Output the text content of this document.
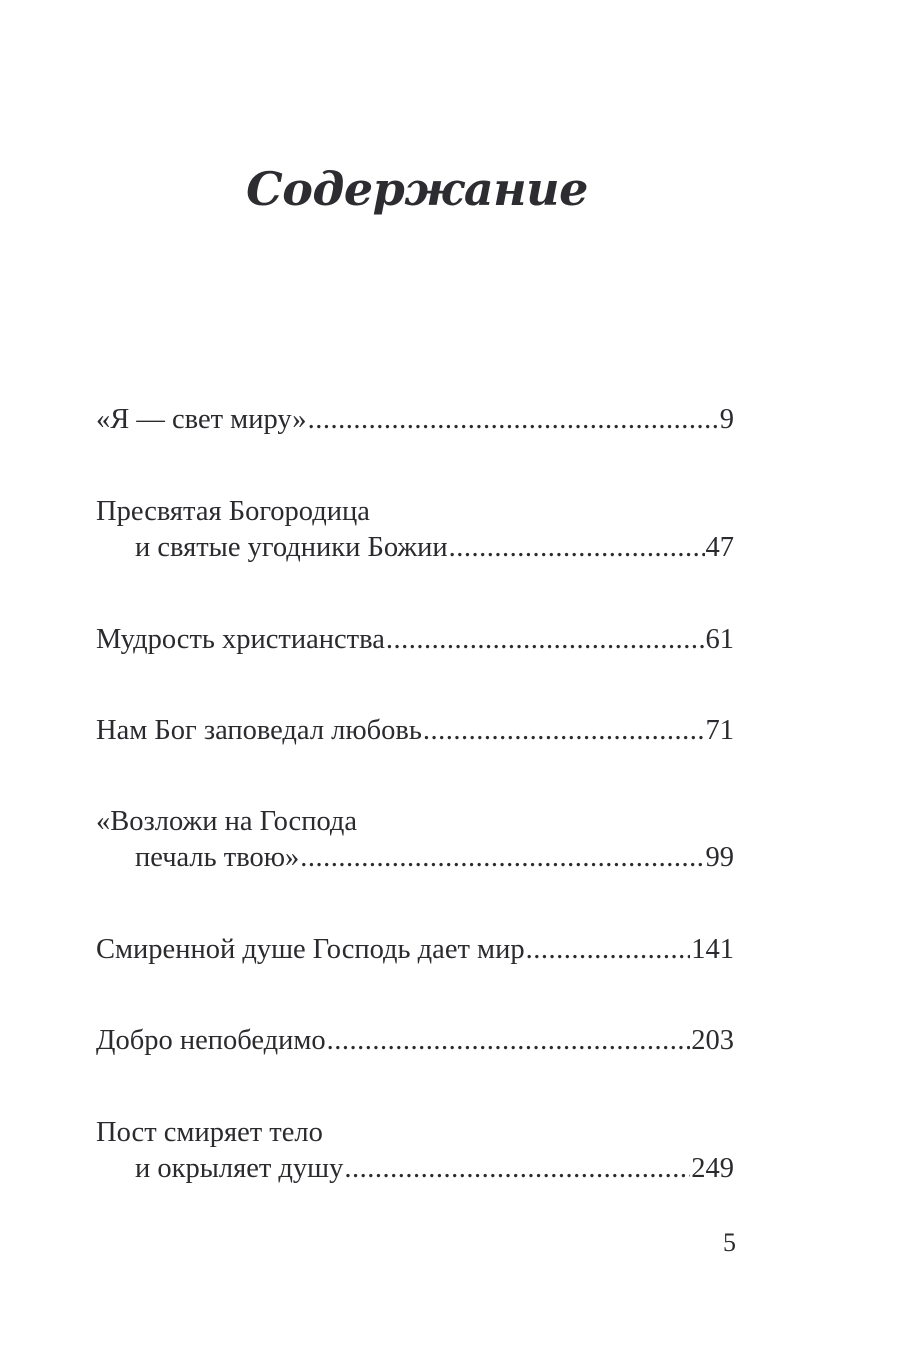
Содержание
«Я — свет миру» .....	9
Пресвятая Богородица
и святые угодники Божии .....	47
Мудрость христианства .....	61
Нам Бог заповедал любовь .....	71
«Возложи на Господа
печаль твою» .....	99
Смиренной душе Господь дает мир .....	141
Добро непобедимо .....	203
Пост смиряет тело
и окрыляет душу .....	249
5
